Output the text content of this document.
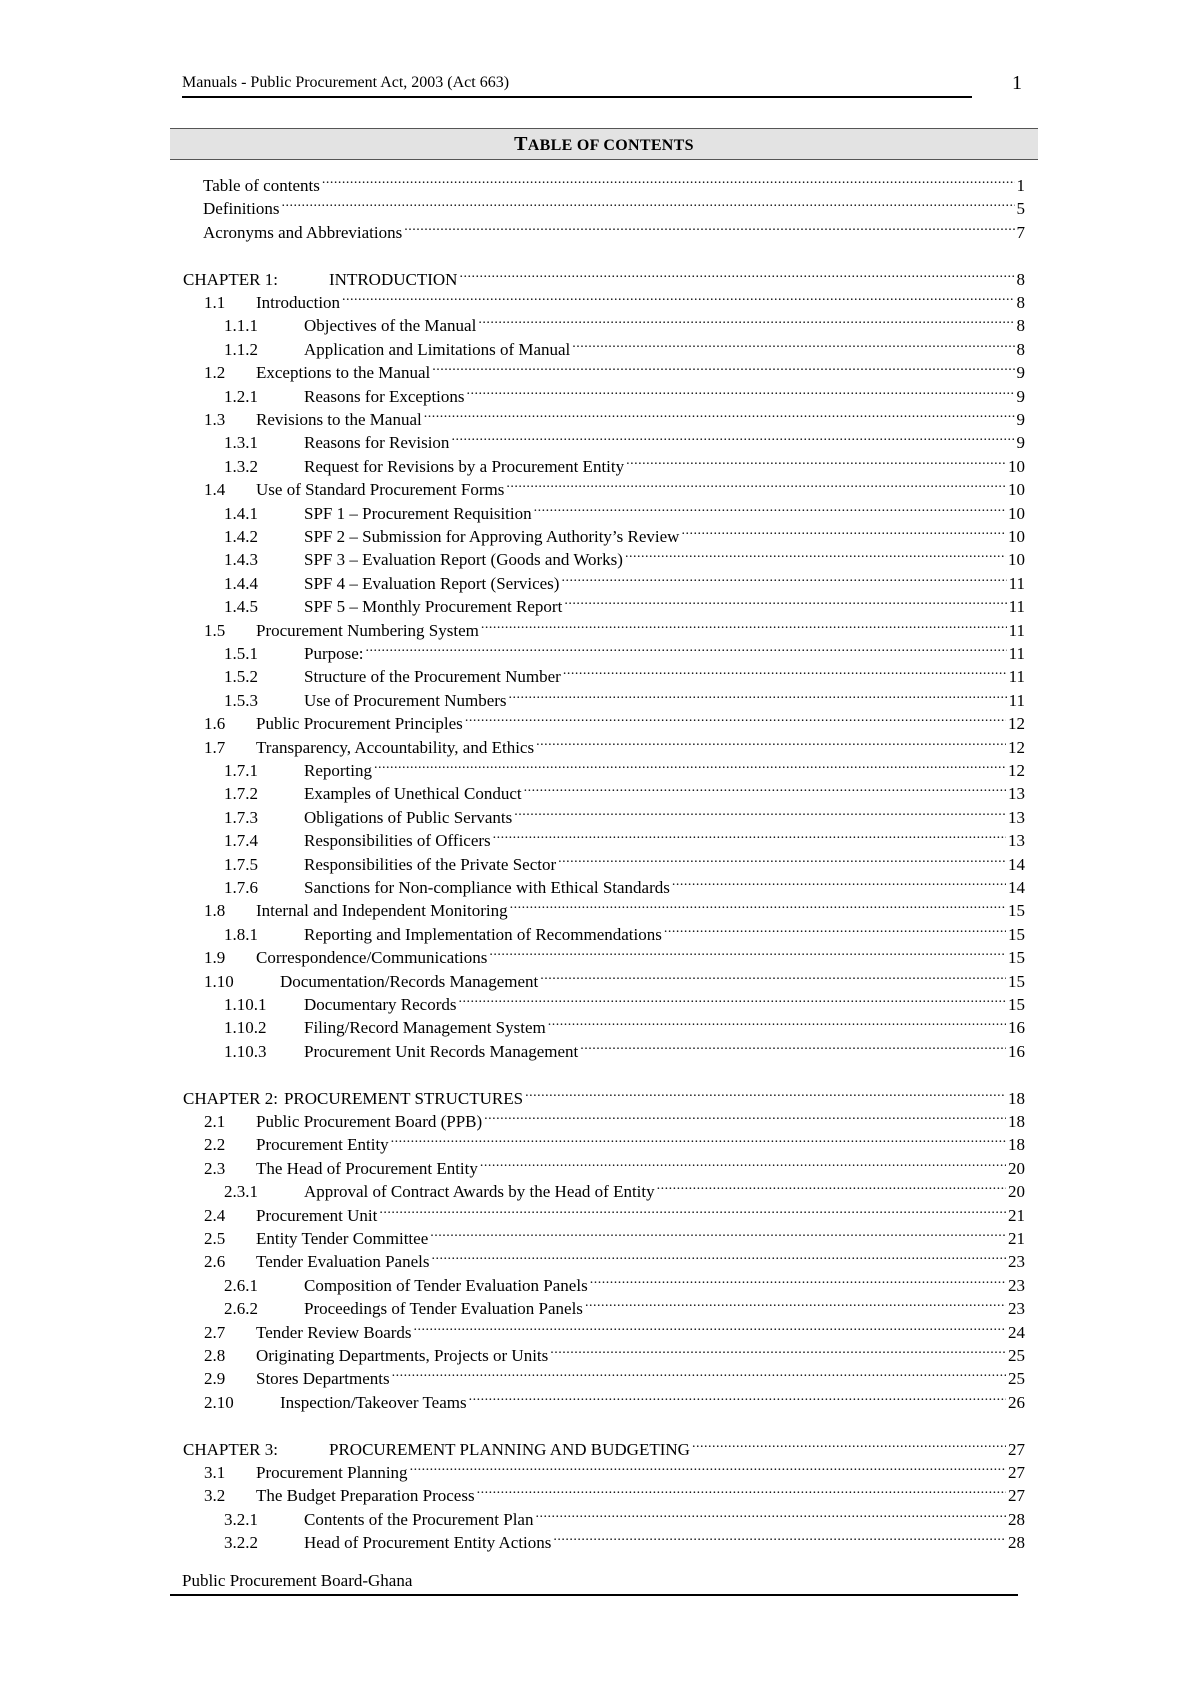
Manuals - Public Procurement Act, 2003 (Act 663)	1
TABLE OF CONTENTS
Table of contents .....	1
Definitions .....	5
Acronyms and Abbreviations .....	7
CHAPTER 1:	INTRODUCTION .....	8
1.1	Introduction .....	8
1.1.1	Objectives of the Manual .....	8
1.1.2	Application and Limitations of Manual .....	8
1.2	Exceptions to the Manual .....	9
1.2.1	Reasons for Exceptions .....	9
1.3	Revisions to the Manual .....	9
1.3.1	Reasons for Revision .....	9
1.3.2	Request for Revisions by a Procurement Entity .....	10
1.4	Use of Standard Procurement Forms .....	10
1.4.1	SPF 1 – Procurement Requisition .....	10
1.4.2	SPF 2 – Submission for Approving Authority’s Review .....	10
1.4.3	SPF 3 – Evaluation Report (Goods and Works) .....	10
1.4.4	SPF 4 – Evaluation Report (Services) .....	11
1.4.5	SPF 5 – Monthly Procurement Report .....	11
1.5	Procurement Numbering System .....	11
1.5.1	Purpose: .....	11
1.5.2	Structure of the Procurement Number .....	11
1.5.3	Use of Procurement Numbers .....	11
1.6	Public Procurement Principles .....	12
1.7	Transparency, Accountability, and Ethics .....	12
1.7.1	Reporting .....	12
1.7.2	Examples of Unethical Conduct .....	13
1.7.3	Obligations of Public Servants .....	13
1.7.4	Responsibilities of Officers .....	13
1.7.5	Responsibilities of the Private Sector .....	14
1.7.6	Sanctions for Non-compliance with Ethical Standards .....	14
1.8	Internal and Independent Monitoring .....	15
1.8.1	Reporting and Implementation of Recommendations .....	15
1.9	Correspondence/Communications .....	15
1.10	Documentation/Records Management .....	15
1.10.1	Documentary Records .....	15
1.10.2	Filing/Record Management System .....	16
1.10.3	Procurement Unit Records Management .....	16
CHAPTER 2: PROCUREMENT STRUCTURES .....	18
2.1	Public Procurement Board (PPB) .....	18
2.2	Procurement Entity .....	18
2.3	The Head of Procurement Entity .....	20
2.3.1	Approval of Contract Awards by the Head of Entity .....	20
2.4	Procurement Unit .....	21
2.5	Entity Tender Committee .....	21
2.6	Tender Evaluation Panels .....	23
2.6.1	Composition of Tender Evaluation Panels .....	23
2.6.2	Proceedings of Tender Evaluation Panels .....	23
2.7	Tender Review Boards .....	24
2.8	Originating Departments, Projects or Units .....	25
2.9	Stores Departments .....	25
2.10	Inspection/Takeover Teams .....	26
CHAPTER 3:	PROCUREMENT PLANNING AND BUDGETING .....	27
3.1	Procurement Planning .....	27
3.2	The Budget Preparation Process .....	27
3.2.1	Contents of the Procurement Plan .....	28
3.2.2	Head of Procurement Entity Actions .....	28
Public Procurement Board-Ghana
